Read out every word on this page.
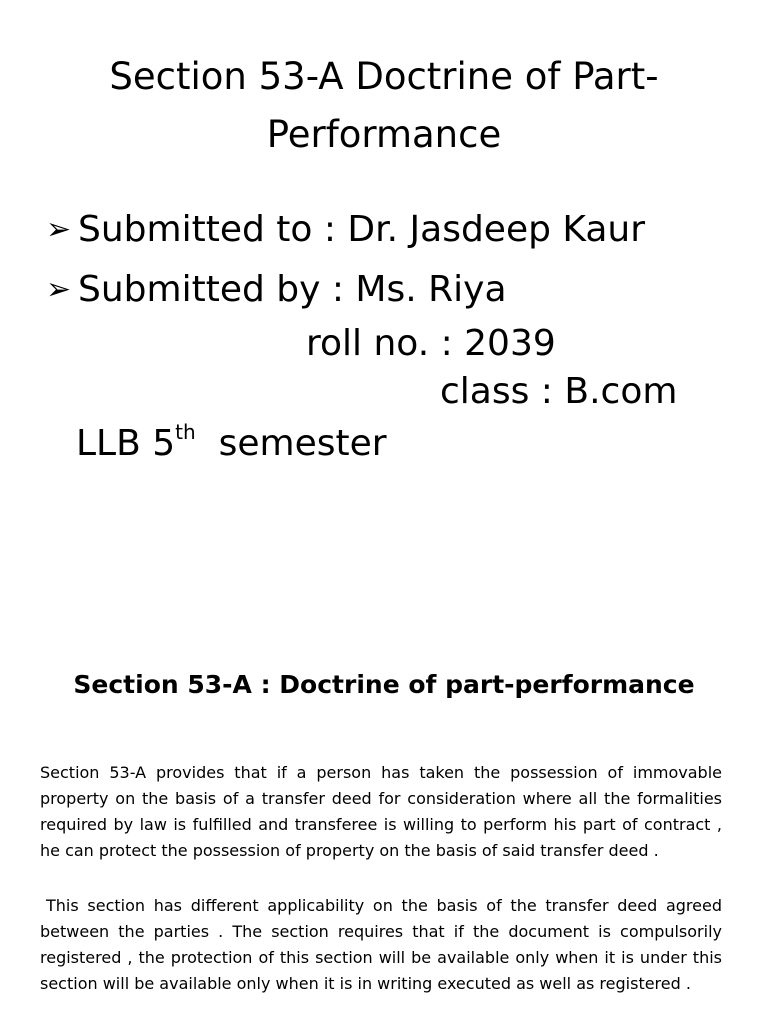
Section 53-A Doctrine of Part-Performance
➢ Submitted to : Dr. Jasdeep Kaur
➢ Submitted by : Ms. Riya
roll no. : 2039
class : B.com
LLB 5th semester
Section 53-A : Doctrine of part-performance

Section 53-A provides that if a person has taken the possession of immovable property on the basis of a transfer deed for consideration where all the formalities required by law is fulfilled and transferee is willing to perform his part of contract , he can protect the possession of property on the basis of said transfer deed .

This section has different applicability on the basis of the transfer deed agreed between the parties . The section requires that if the document is compulsorily registered , the protection of this section will be available only when it is under this section will be available only when it is in writing executed as well as registered .
